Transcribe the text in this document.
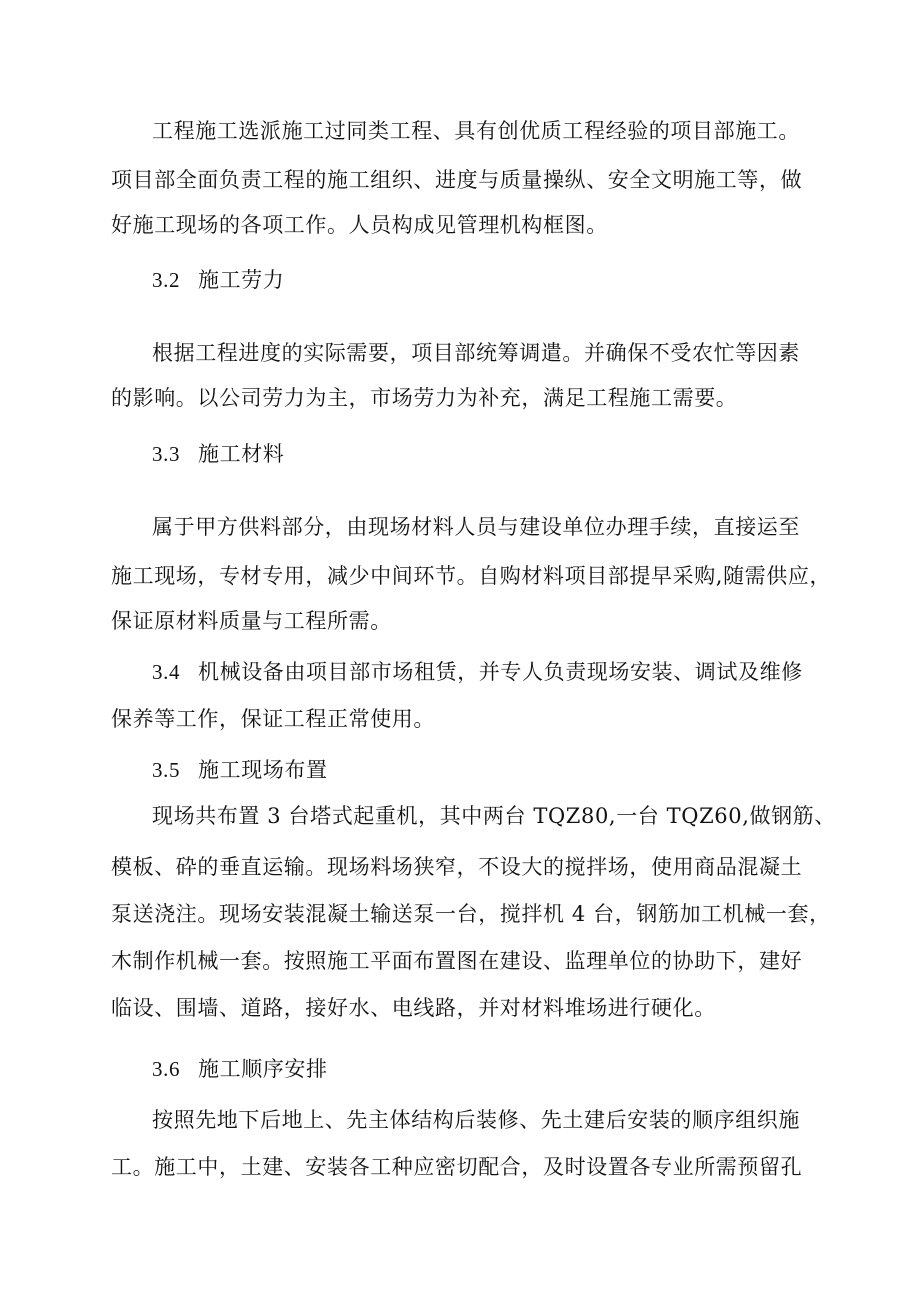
工程施工选派施工过同类工程、具有创优质工程经验的项目部施工。
项目部全面负责工程的施工组织、进度与质量操纵、安全文明施工等，做
好施工现场的各项工作。人员构成见管理机构框图。
3.2 施工劳力
根据工程进度的实际需要，项目部统筹调遣。并确保不受农忙等因素
的影响。以公司劳力为主，市场劳力为补充，满足工程施工需要。
3.3 施工材料
属于甲方供料部分，由现场材料人员与建设单位办理手续，直接运至
施工现场，专材专用，减少中间环节。自购材料项目部提早采购,随需供应，
保证原材料质量与工程所需。
3.4 机械设备由项目部市场租赁，并专人负责现场安装、调试及维修
保养等工作，保证工程正常使用。
3.5 施工现场布置
现场共布置 3 台塔式起重机，其中两台 TQZ80,一台 TQZ60,做钢筋、
模板、砕的垂直运输。现场料场狭窄，不设大的搅拌场，使用商品混凝土
泵送浇注。现场安装混凝土输送泵一台，搅拌机 4 台，钢筋加工机械一套，
木制作机械一套。按照施工平面布置图在建设、监理单位的协助下，建好
临设、围墙、道路，接好水、电线路，并对材料堆场进行硬化。
3.6 施工顺序安排
按照先地下后地上、先主体结构后装修、先土建后安装的顺序组织施
工。施工中，土建、安装各工种应密切配合，及时设置各专业所需预留孔
